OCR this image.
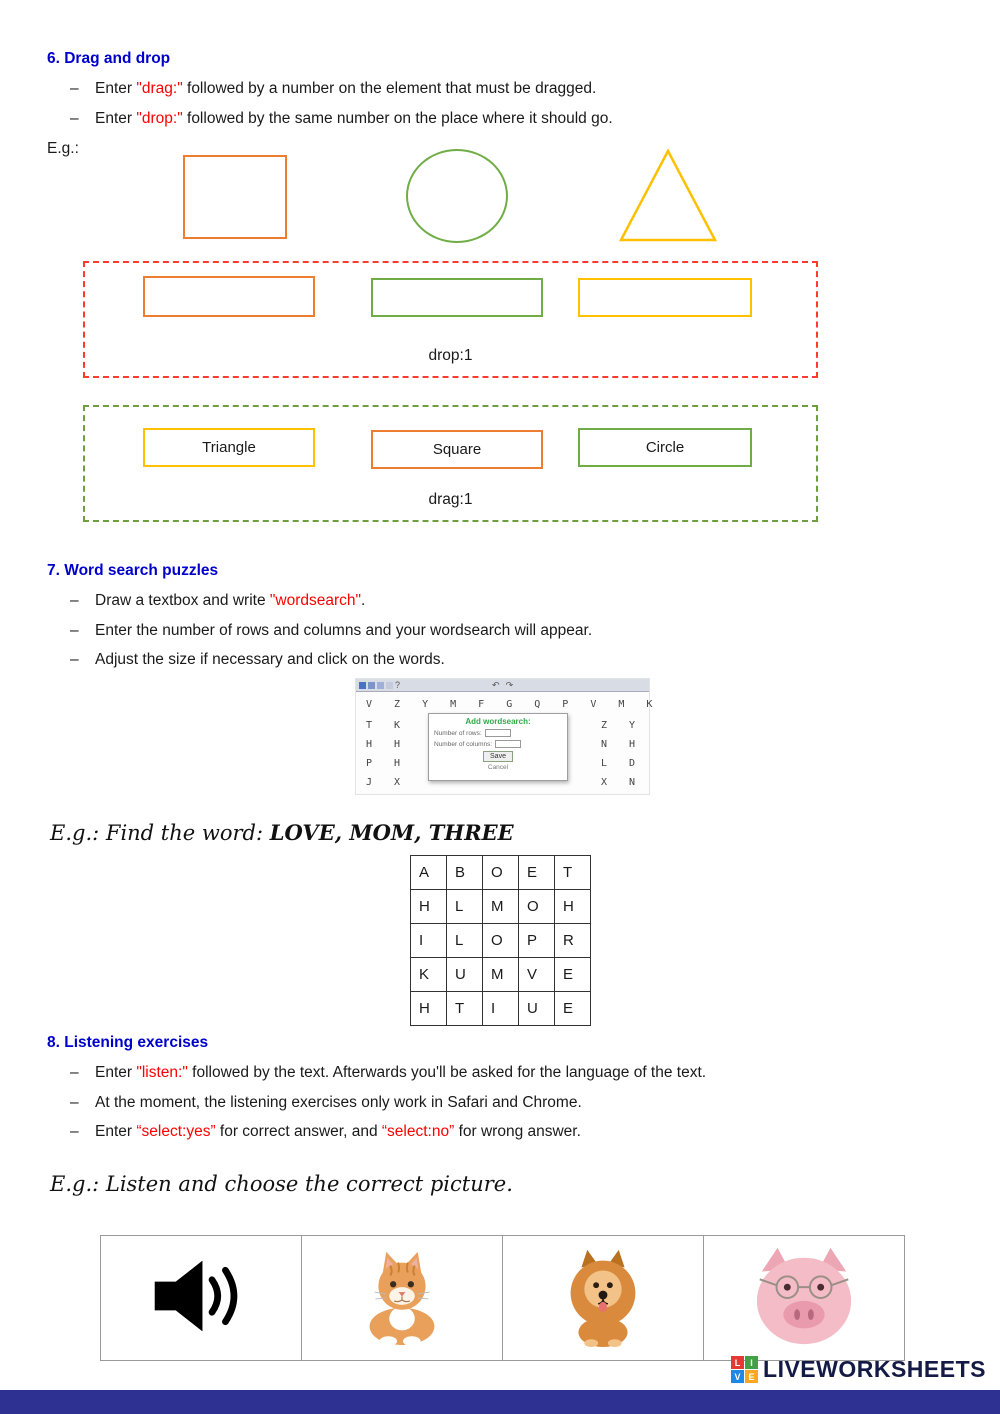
6. Drag and drop
–	Enter "drag:" followed by a number on the element that must be dragged.
–	Enter "drop:" followed by the same number on the place where it should go.
E.g.:
drop:1
Triangle	Square	Circle
drag:1
7. Word search puzzles
–	Draw a textbox and write "wordsearch".
–	Enter the number of rows and columns and your wordsearch will appear.
–	Adjust the size if necessary and click on the words.
?	↶ ↷
V Z Y M F G Q P V M K
T K	Z Y
H H	N H
P H	L D
J X	X N
Add wordsearch:
Number of rows:
Number of columns:
Save
Cancel
E.g.: Find the word: LOVE, MOM, THREE
A	B	O	E	T
H	L	M	O	H
I	L	O	P	R
K	U	M	V	E
H	T	I	U	E
8. Listening exercises
–	Enter "listen:" followed by the text. Afterwards you'll be asked for the language of the text.
–	At the moment, the listening exercises only work in Safari and Chrome.
–	Enter “select:yes” for correct answer, and “select:no” for wrong answer.
E.g.: Listen and choose the correct picture.

L	I
V E LIVEWORKSHEETS
